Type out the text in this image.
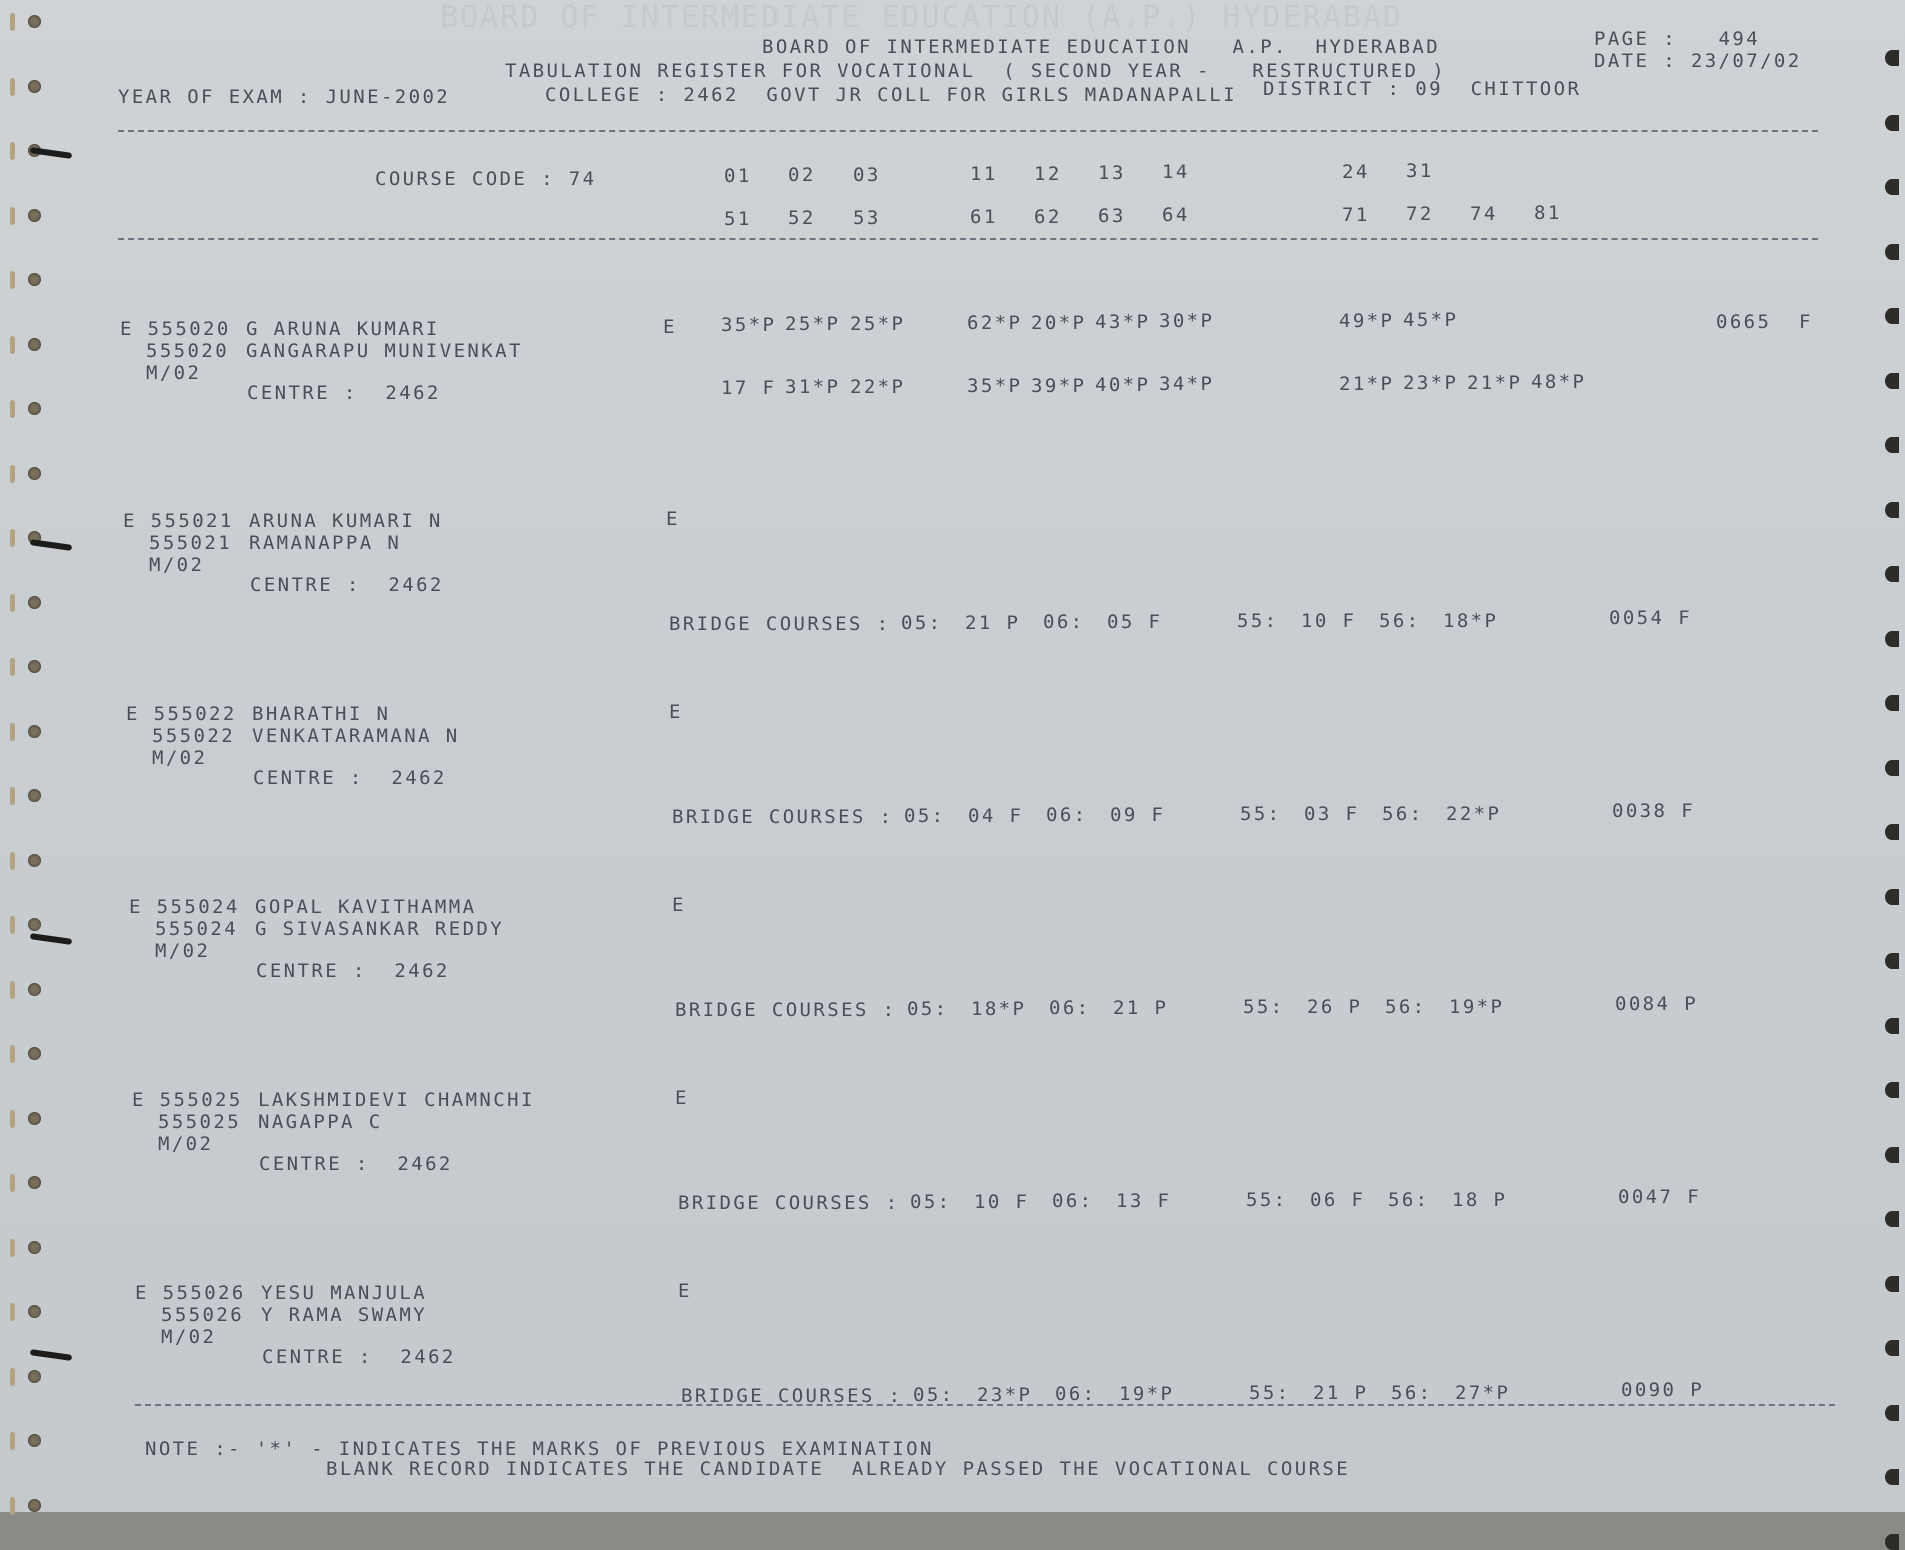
BOARD OF INTERMEDIATE EDUCATION (A.P.) HYDERABAD
BOARD OF INTERMEDIATE EDUCATION   A.P.  HYDERABAD
TABULATION REGISTER FOR VOCATIONAL  ( SECOND YEAR -   RESTRUCTURED )
COLLEGE : 2462  GOVT JR COLL FOR GIRLS MADANAPALLI DISTRICT : 09  CHITTOOR
YEAR OF EXAM : JUNE-2002
PAGE :   494
DATE : 23/07/02
COURSE CODE : 74	01 02 03	11 12 13 14	24 31
51 52 53	61 62 63 64	71 72 74 81
E 555020 G ARUNA KUMARI
555020 GANGARAPU MUNIVENKAT
M/02
CENTRE :  2462
E 35*P 25*P 25*P	62*P 20*P 43*P 30*P	49*P 45*P
17 F 31*P 22*P	35*P 39*P 40*P 34*P	21*P 23*P 21*P 48*P
0665  F
E 555021 ARUNA KUMARI N
555021 RAMANAPPA N
M/02
CENTRE :  2462
E
BRIDGE COURSES : 05: 21 P 06: 05 F	55: 10 F 56: 18*P	0054 F
E 555022 BHARATHI N
555022 VENKATARAMANA N
M/02
CENTRE :  2462
E
BRIDGE COURSES : 05: 04 F 06: 09 F	55: 03 F 56: 22*P	0038 F
E 555024 GOPAL KAVITHAMMA
555024 G SIVASANKAR REDDY
M/02
CENTRE :  2462
E
BRIDGE COURSES : 05: 18*P 06: 21 P	55: 26 P 56: 19*P	0084 P
E 555025 LAKSHMIDEVI CHAMNCHI
555025 NAGAPPA C
M/02
CENTRE :  2462
E
BRIDGE COURSES : 05: 10 F 06: 13 F	55: 06 F 56: 18 P	0047 F
E 555026 YESU MANJULA
555026 Y RAMA SWAMY
M/02
CENTRE :  2462
E
BRIDGE COURSES : 05: 23*P 06: 19*P	55: 21 P 56: 27*P	0090 P
NOTE :- '*' - INDICATES THE MARKS OF PREVIOUS EXAMINATION
BLANK RECORD INDICATES THE CANDIDATE  ALREADY PASSED THE VOCATIONAL COURSE
